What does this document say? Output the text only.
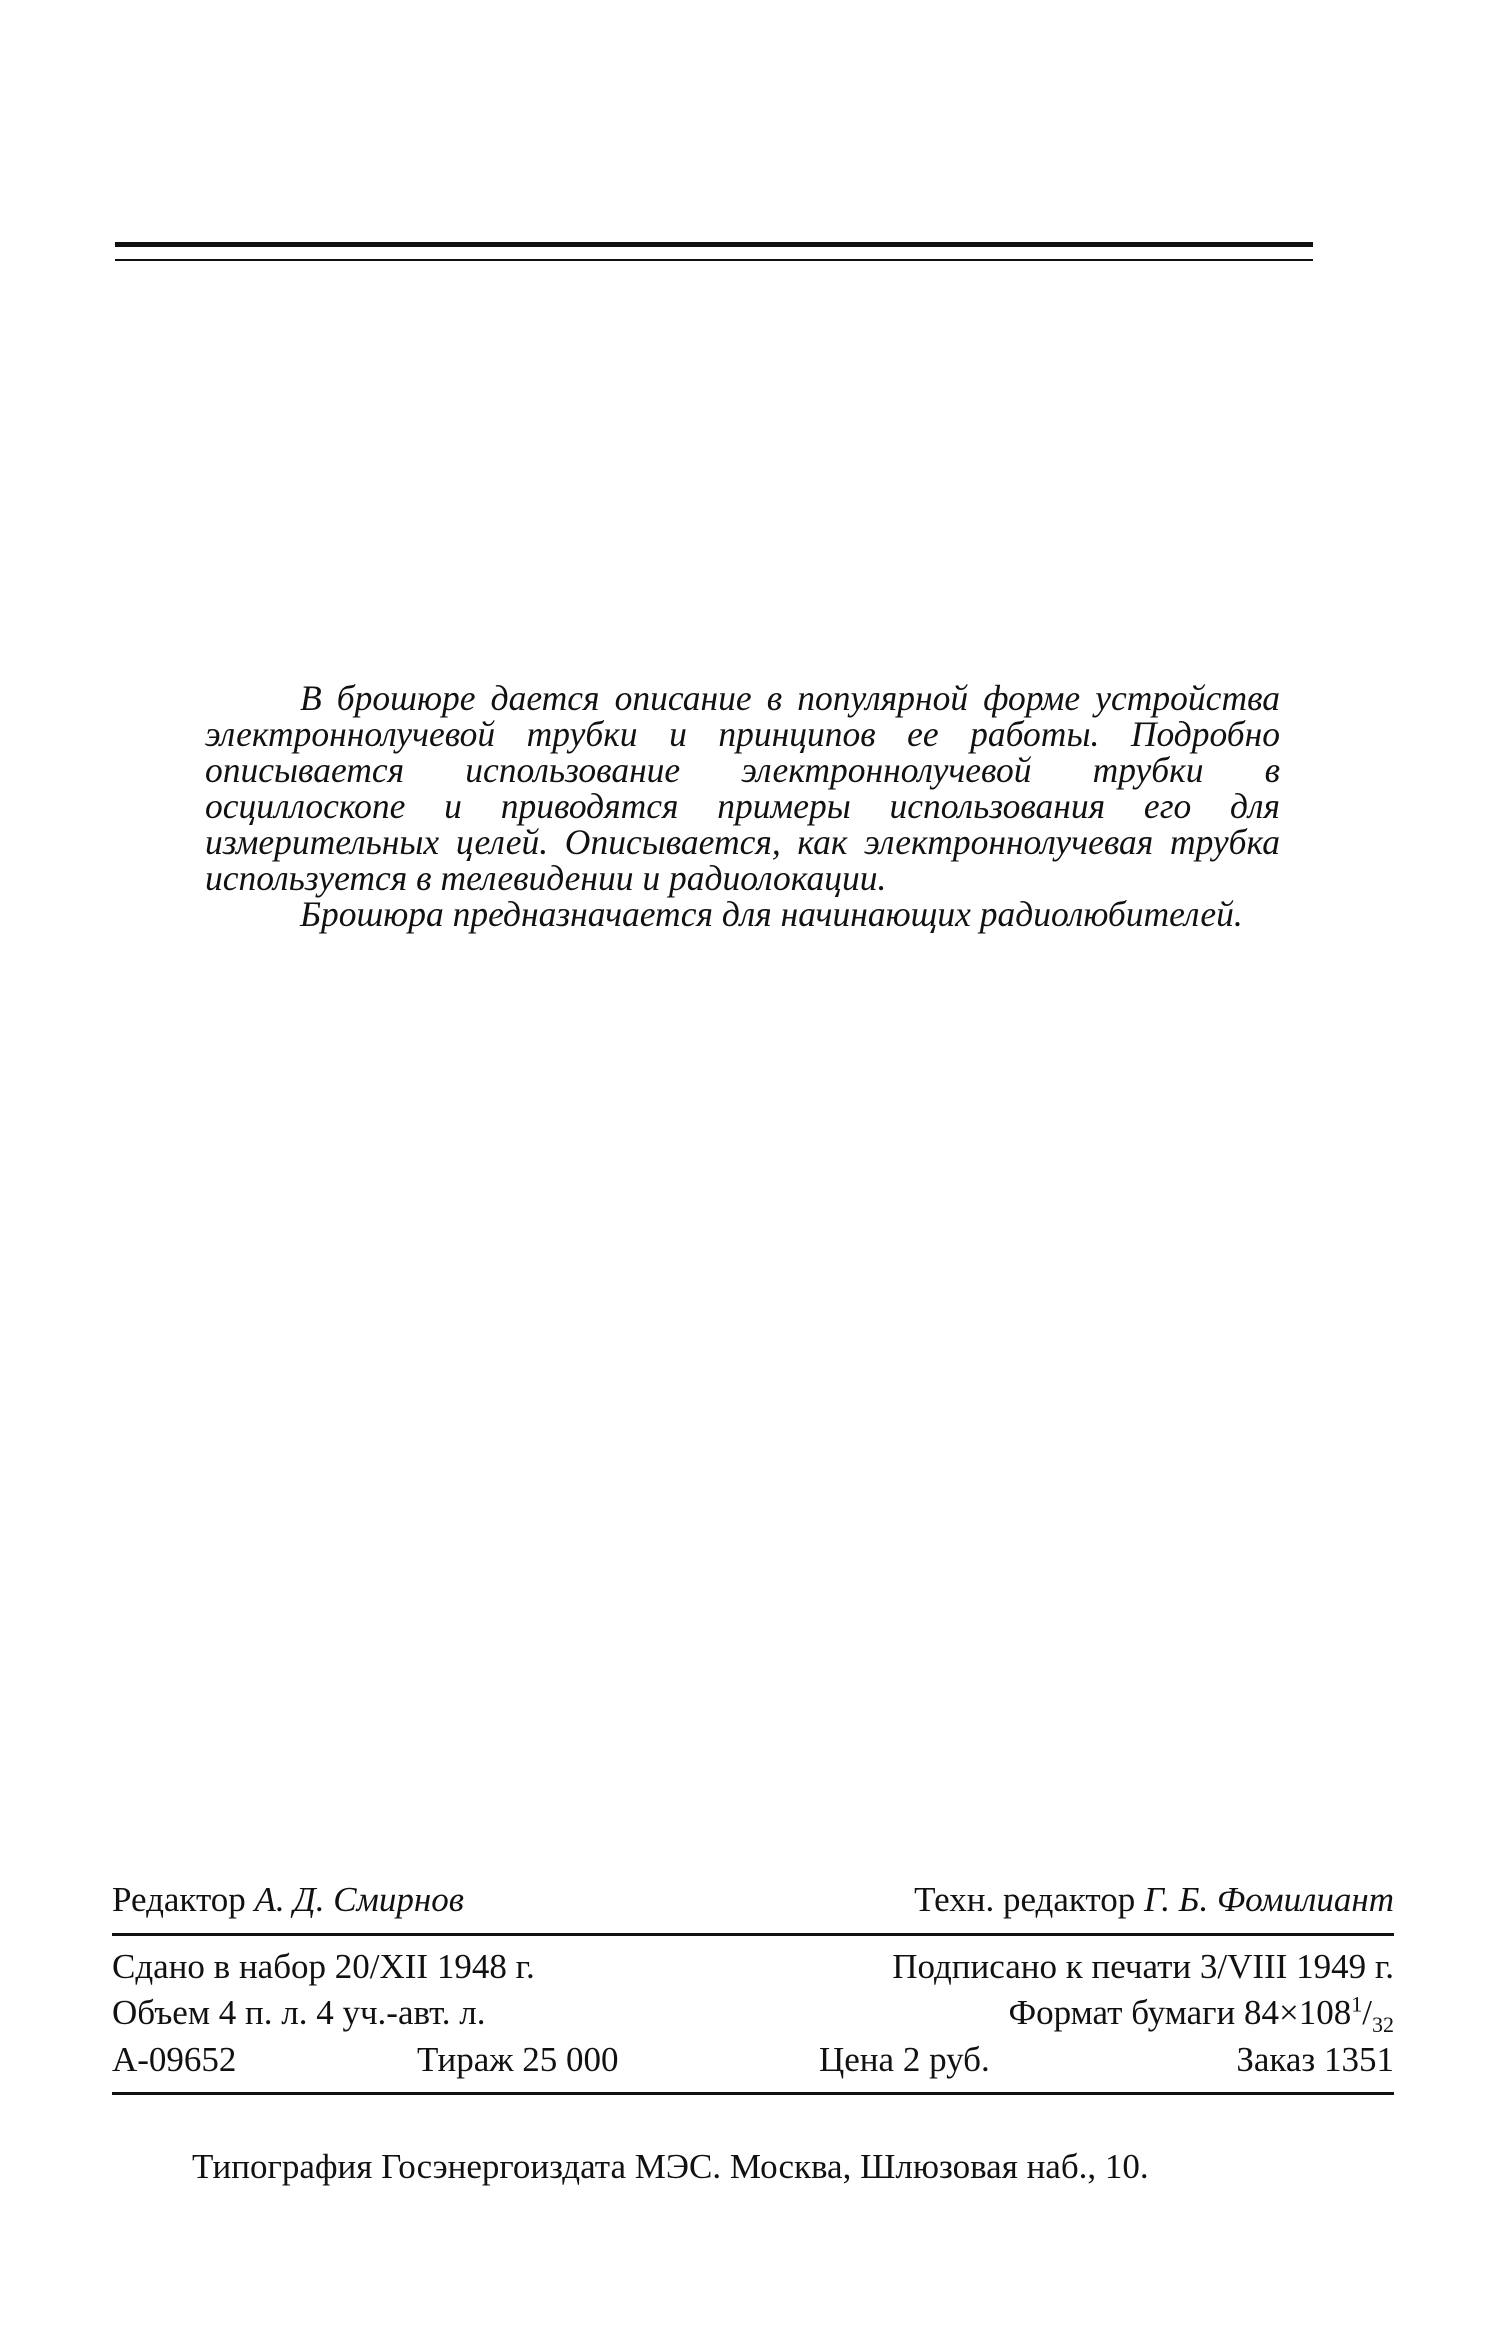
В брошюре дается описание в популярной форме устройства электроннолучевой трубки и принципов ее работы. Подробно описывается использование электроннолучевой трубки в осциллоскопе и приводятся примеры использования его для измерительных целей. Описывается, как электроннолучевая трубка используется в телевидении и радиолокации.

Брошюра предназначается для начинающих радиолюбителей.

Редактор А. Д. Смирнов	Техн. редактор Г. Б. Фомилиант
Сдано в набор 20/XII 1948 г.	Подписано к печати 3/VIII 1949 г.
Объем 4 п. л. 4 уч.-авт. л.	Формат бумаги $84\times 108^1/_{32}$
А-09652	Тираж 25 000	Цена 2 руб.	Заказ 1351
Типография Госэнергоиздата МЭС. Москва, Шлюзовая наб., 10.
